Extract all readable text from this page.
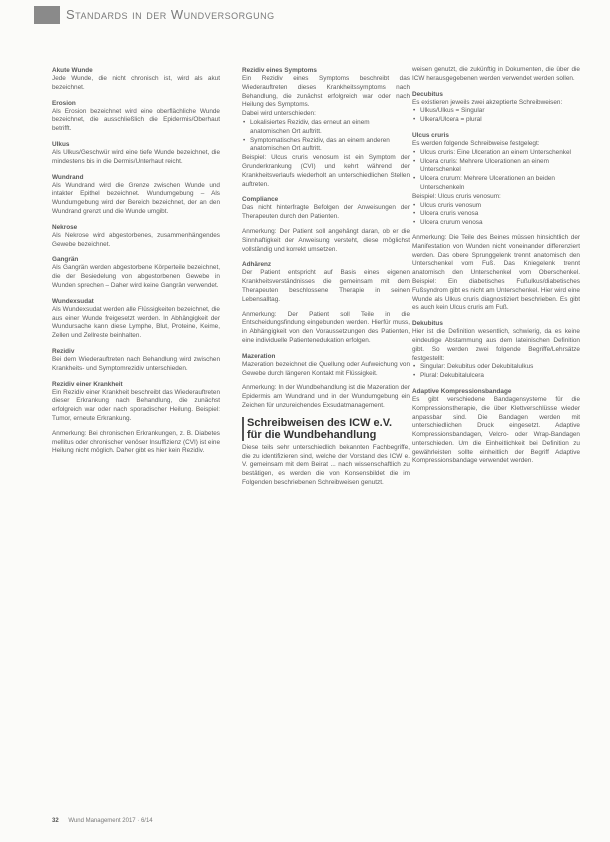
Standards in der Wundversorgung
Akute Wunde

Jede Wunde, die nicht chronisch ist, wird als akut bezeichnet.

Erosion

Als Erosion bezeichnet wird eine oberflächliche Wunde bezeichnet, die ausschließlich die Epidermis/Oberhaut betrifft.

Ulkus

Als Ulkus/Geschwür wird eine tiefe Wunde bezeichnet, die mindestens bis in die Dermis/Unterhaut reicht.

Wundrand

Als Wundrand wird die Grenze zwischen Wunde und intakter Epithel bezeichnet. Wundumgebung – Als Wundumgebung wird der Bereich bezeichnet, der an den Wundrand grenzt und die Wunde umgibt.

Nekrose

Als Nekrose wird abgestorbenes, zusammenhängendes Gewebe bezeichnet.

Gangrän

Als Gangrän werden abgestorbene Körperteile bezeichnet, die der Besiedelung von abgestorbenen Gewebe in Wunden sprechen – Daher wird keine Gangrän verwendet.

Wundexsudat

Als Wundexsudat werden alle Flüssigkeiten bezeichnet, die aus einer Wunde freigesetzt werden. In Abhängigkeit der Wundursache kann diese Lymphe, Blut, Proteine, Keime, Zellen und Zellreste beinhalten.

Rezidiv

Bei dem Wiederauftreten nach Behandlung wird zwischen Krankheits- und Symptomrezidiv unterschieden.

Rezidiv einer Krankheit

Ein Rezidiv einer Krankheit beschreibt das Wiederauftreten dieser Erkrankung nach Behandlung, die zunächst erfolgreich war oder nach sporadischer Heilung. Beispiel: Tumor, erneute Erkrankung.

Anmerkung: Bei chronischen Erkrankungen, z. B. Diabetes mellitus oder chronischer venöser Insuffizienz (CVI) ist eine Heilung nicht möglich. Daher gibt es hier kein Rezidiv.

Rezidiv eines Symptoms

Ein Rezidiv eines Symptoms beschreibt das Wiederauftreten dieses Krankheitssymptoms nach Behandlung, die zunächst erfolgreich war oder nach Heilung des Symptoms.

Dabei wird unterschieden:

• Lokalisiertes Rezidiv, das erneut an einem anatomischen Ort auftritt.
• Symptomatisches Rezidiv, das an einem anderen anatomischen Ort auftritt.

Beispiel: Ulcus cruris venosum ist ein Symptom der Grunderkrankung (CVI) und kehrt während der Krankheitsverlaufs wiederholt an unterschiedlichen Stellen auftreten.

Compliance

Das nicht hinterfragte Befolgen der Anweisungen der Therapeuten durch den Patienten.

Anmerkung: Der Patient soll angehängt daran, ob er die Sinnhaftigkeit der Anweisung versteht, diese möglichst vollständig und korrekt umsetzen.

Adhärenz

Der Patient entspricht auf Basis eines eigenen Krankheitsverständnisses die gemeinsam mit dem Therapeuten beschlossene Therapie in seinen Lebensalltag.

Anmerkung: Der Patient soll Teile in die Entscheidungsfindung eingebunden werden. Hierfür muss, in Abhängigkeit von den Voraussetzungen des Patienten, eine individuelle Patientenedukation erfolgen.

Mazeration

Mazeration bezeichnet die Quellung oder Aufweichung von Gewebe durch längeren Kontakt mit Flüssigkeit.

Anmerkung: In der Wundbehandlung ist die Mazeration der Epidermis am Wundrand und in der Wundumgebung ein Zeichen für unzureichendes Exsudatmanagement.

Schreibweisen des ICW e.V.
für die Wundbehandlung

Diese teils sehr unterschiedlich bekannten Fachbegriffe, die zu identifizieren sind, welche der Vorstand des ICW e. V. gemeinsam mit dem Beirat ... nach wissenschaftlich zu bestätigen, es werden die von Konsensbildet die im Folgenden beschriebenen Schreibweisen genutzt.

weisen genutzt, die zukünftig in Dokumenten, die über die ICW herausgegebenen werden verwendet werden sollen.

Decubitus

Es existieren jeweils zwei akzeptierte Schreibweisen:

• Ulkus/Ulkus = Singular
• Ulkera/Ulcera = plural
Ulcus cruris

Es werden folgende Schreibweise festgelegt:

• Ulcus cruris: Eine Ulceration an einem Unterschenkel
• Ulcera cruris: Mehrere Ulcerationen an einem Unterschenkel
• Ulcera crurum: Mehrere Ulcerationen an beiden Unterschenkeln

Beispiel: Ulcus cruris venosum:

• Ulcus cruris venosum
• Ulcera cruris venosa
• Ulcera crurum venosa

Anmerkung: Die Teile des Beines müssen hinsichtlich der Manifestation von Wunden nicht voneinander differenziert werden. Das obere Sprunggelenk trennt anatomisch den Unterschenkel vom Fuß. Das Kniegelenk trennt anatomisch den Unterschenkel vom Oberschenkel. Beispiel: Ein diabetisches Fußulkus/diabetisches Fußsyndrom gibt es nicht am Unterschenkel. Hier wird eine Wunde als Ulkus cruris diagnostiziert beschrieben. Es gibt es auch kein Ulcus cruris am Fuß.

Dekubitus

Hier ist die Definition wesentlich, schwierig, da es keine eindeutige Abstammung aus dem lateinischen Definition gibt. So werden zwei folgende Begriffe/Lehrsätze festgestellt:

• Singular: Dekubitus oder Dekubitalulkus
• Plural: Dekubitalulcera
Adaptive Kompressionsbandage

Es gibt verschiedene Bandagensysteme für die Kompressionstherapie, die über Klettverschlüsse wieder anpassbar sind. Die Bandagen werden mit unterschiedlichen Druck eingesetzt. Adaptive Kompressionsbandagen, Velcro- oder Wrap-Bandagen unterschieden. Um die Einheitlichkeit bei Definition zu gewährleisten sollte einheitlich der Begriff Adaptive Kompressionsbandage verwendet werden.

32 Wund Management 2017 · 6/14
